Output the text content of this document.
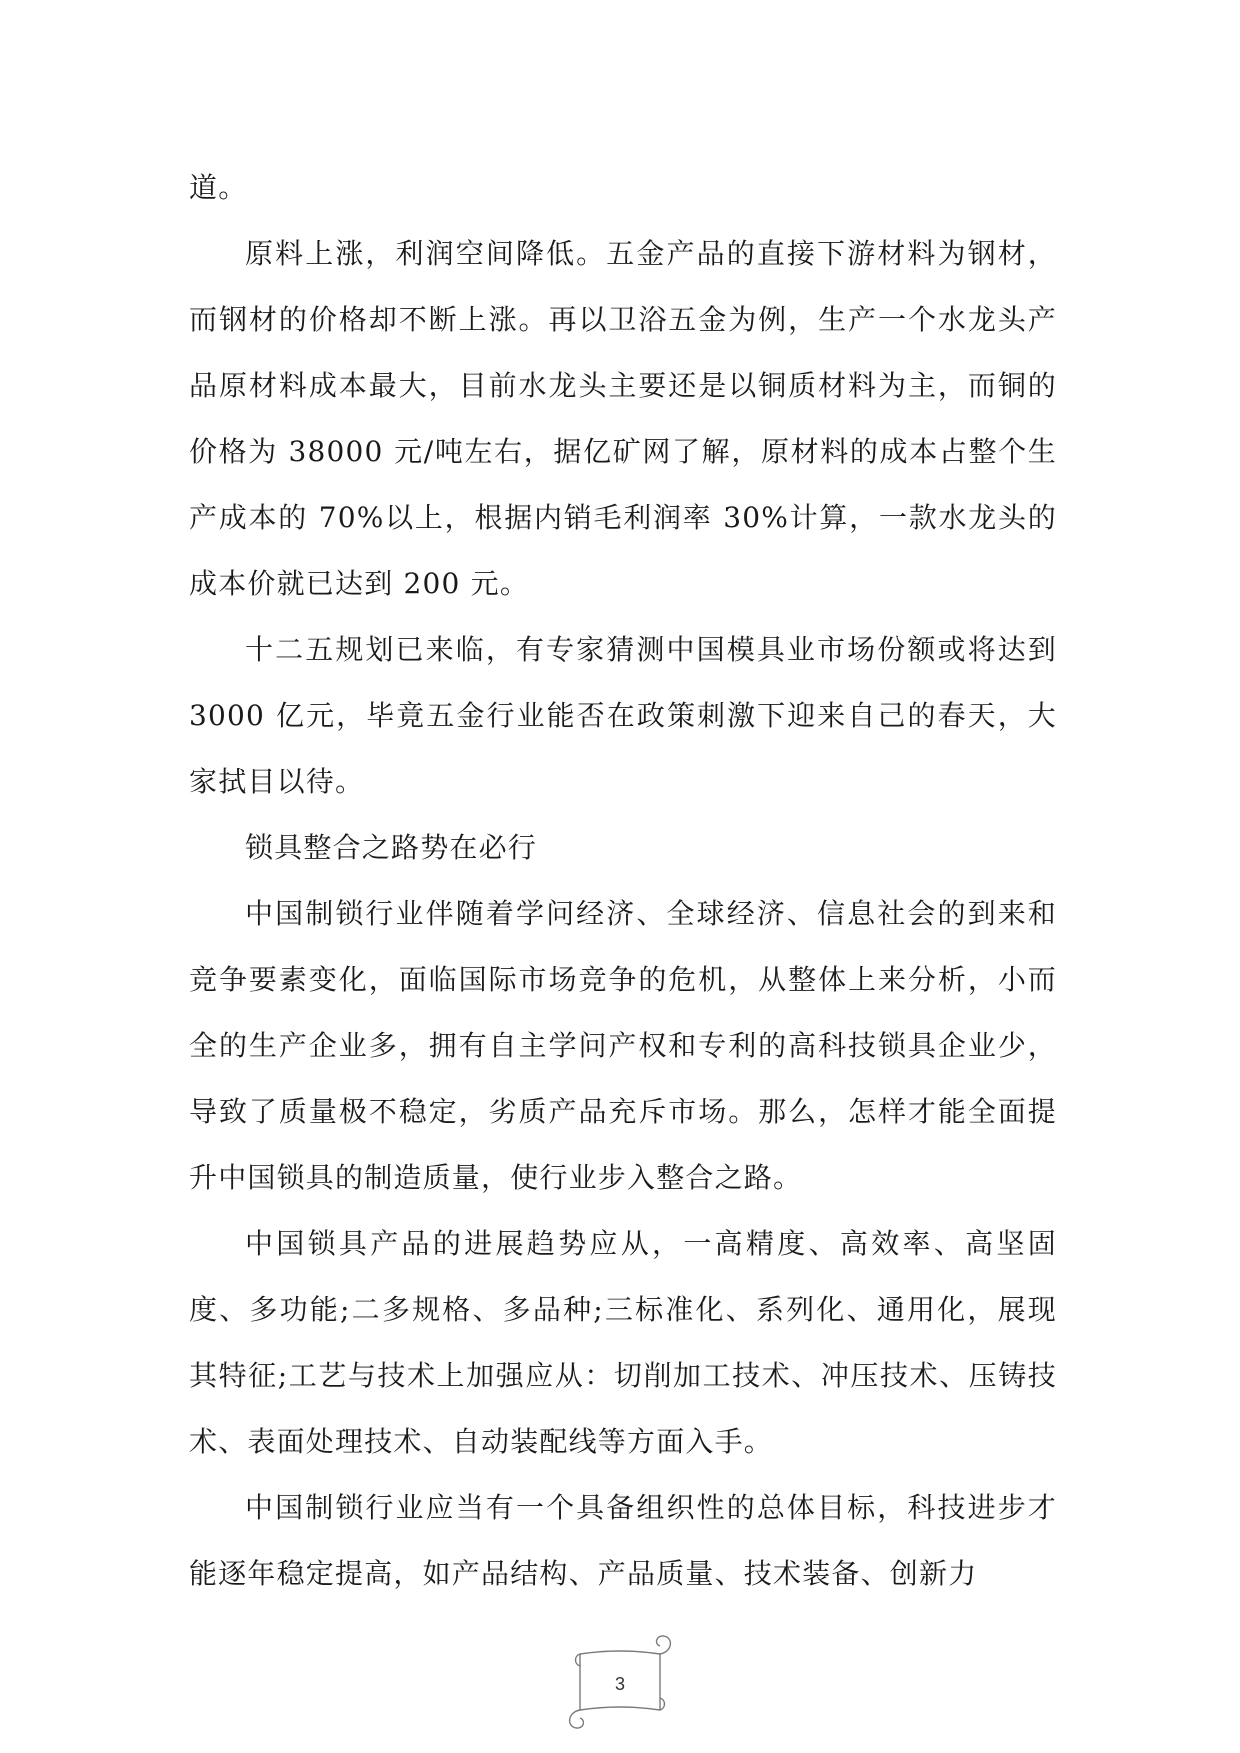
道。

原料上涨，利润空间降低。五金产品的直接下游材料为钢材，而钢材的价格却不断上涨。再以卫浴五金为例，生产一个水龙头产品原材料成本最大，目前水龙头主要还是以铜质材料为主，而铜的价格为 38000 元/吨左右，据亿矿网了解，原材料的成本占整个生产成本的 70%以上，根据内销毛利润率 30%计算，一款水龙头的成本价就已达到 200 元。

十二五规划已来临，有专家猜测中国模具业市场份额或将达到 3000 亿元，毕竟五金行业能否在政策刺激下迎来自己的春天，大家拭目以待。

锁具整合之路势在必行

中国制锁行业伴随着学问经济、全球经济、信息社会的到来和竞争要素变化，面临国际市场竞争的危机，从整体上来分析，小而全的生产企业多，拥有自主学问产权和专利的高科技锁具企业少，导致了质量极不稳定，劣质产品充斥市场。那么，怎样才能全面提升中国锁具的制造质量，使行业步入整合之路。

中国锁具产品的进展趋势应从，一高精度、高效率、高坚固度、多功能;二多规格、多品种;三标准化、系列化、通用化，展现其特征;工艺与技术上加强应从：切削加工技术、冲压技术、压铸技术、表面处理技术、自动装配线等方面入手。

中国制锁行业应当有一个具备组织性的总体目标，科技进步才能逐年稳定提高，如产品结构、产品质量、技术装备、创新力

3
